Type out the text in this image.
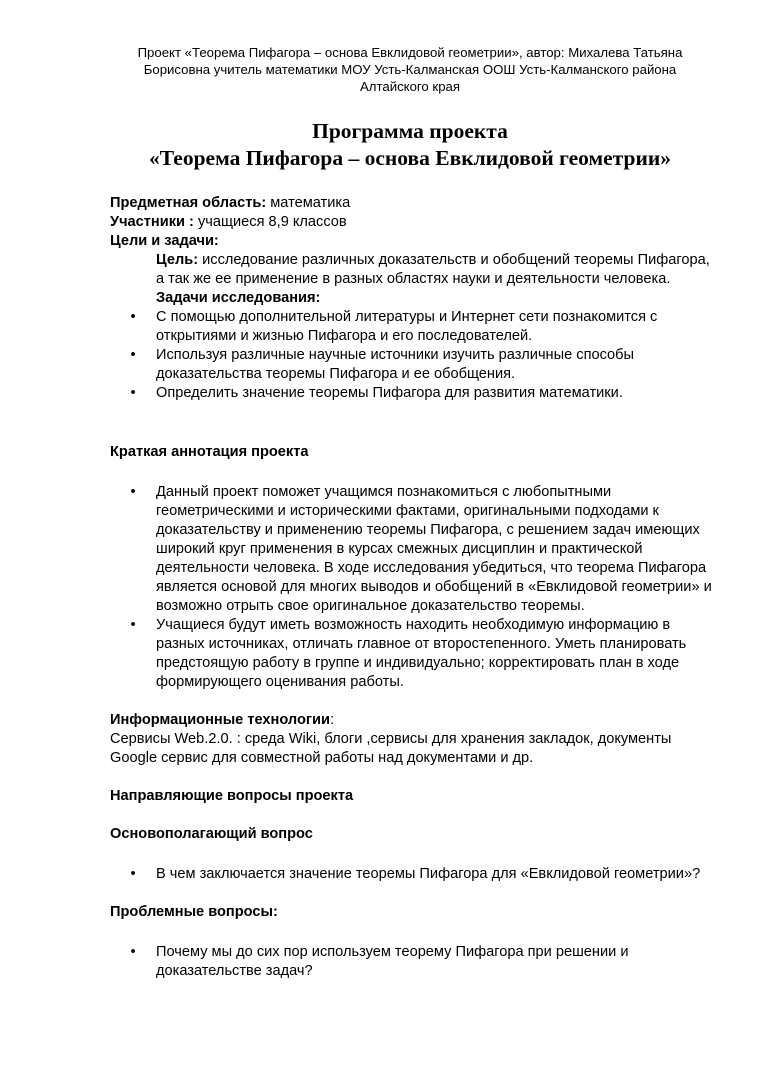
Проект «Теорема Пифагора – основа Евклидовой геометрии», автор: Михалева Татьяна Борисовна учитель математики МОУ Усть-Калманская ООШ Усть-Калманского района Алтайского края
Программа проекта
«Теорема Пифагора – основа Евклидовой геометрии»

Предметная область: математика

Участники : учащиеся 8,9 классов

Цели и задачи:

Цель: исследование различных доказательств и обобщений теоремы Пифагора, а так же ее применение в разных областях науки и деятельности человека.

Задачи исследования:

• С помощью дополнительной литературы и Интернет сети познакомится с открытиями и жизнью Пифагора и его последователей.
• Используя различные научные источники изучить различные способы доказательства теоремы Пифагора и ее обобщения.
• Определить значение теоремы Пифагора для развития математики.

Краткая аннотация проекта

• Данный проект поможет учащимся познакомиться с любопытными геометрическими и историческими фактами, оригинальными подходами к доказательству и применению теоремы Пифагора, с решением задач имеющих широкий круг применения в курсах смежных дисциплин и практической деятельности человека. В ходе исследования убедиться, что теорема Пифагора является основой для многих выводов и обобщений в «Евклидовой геометрии» и возможно отрыть свое оригинальное доказательство теоремы.
• Учащиеся будут иметь возможность находить необходимую информацию в разных источниках, отличать главное от второстепенного. Уметь планировать предстоящую работу в группе и индивидуально; корректировать план в ходе формирующего оценивания работы.

Информационные технологии:

Сервисы Web.2.0. : среда Wiki, блоги ,сервисы для хранения закладок, документы Google сервис для совместной работы над документами и др.

Направляющие вопросы проекта

Основополагающий вопрос

• В чем заключается значение теоремы Пифагора для «Евклидовой геометрии»?

Проблемные вопросы:

• Почему мы до сих пор используем теорему Пифагора при решении и доказательстве задач?
